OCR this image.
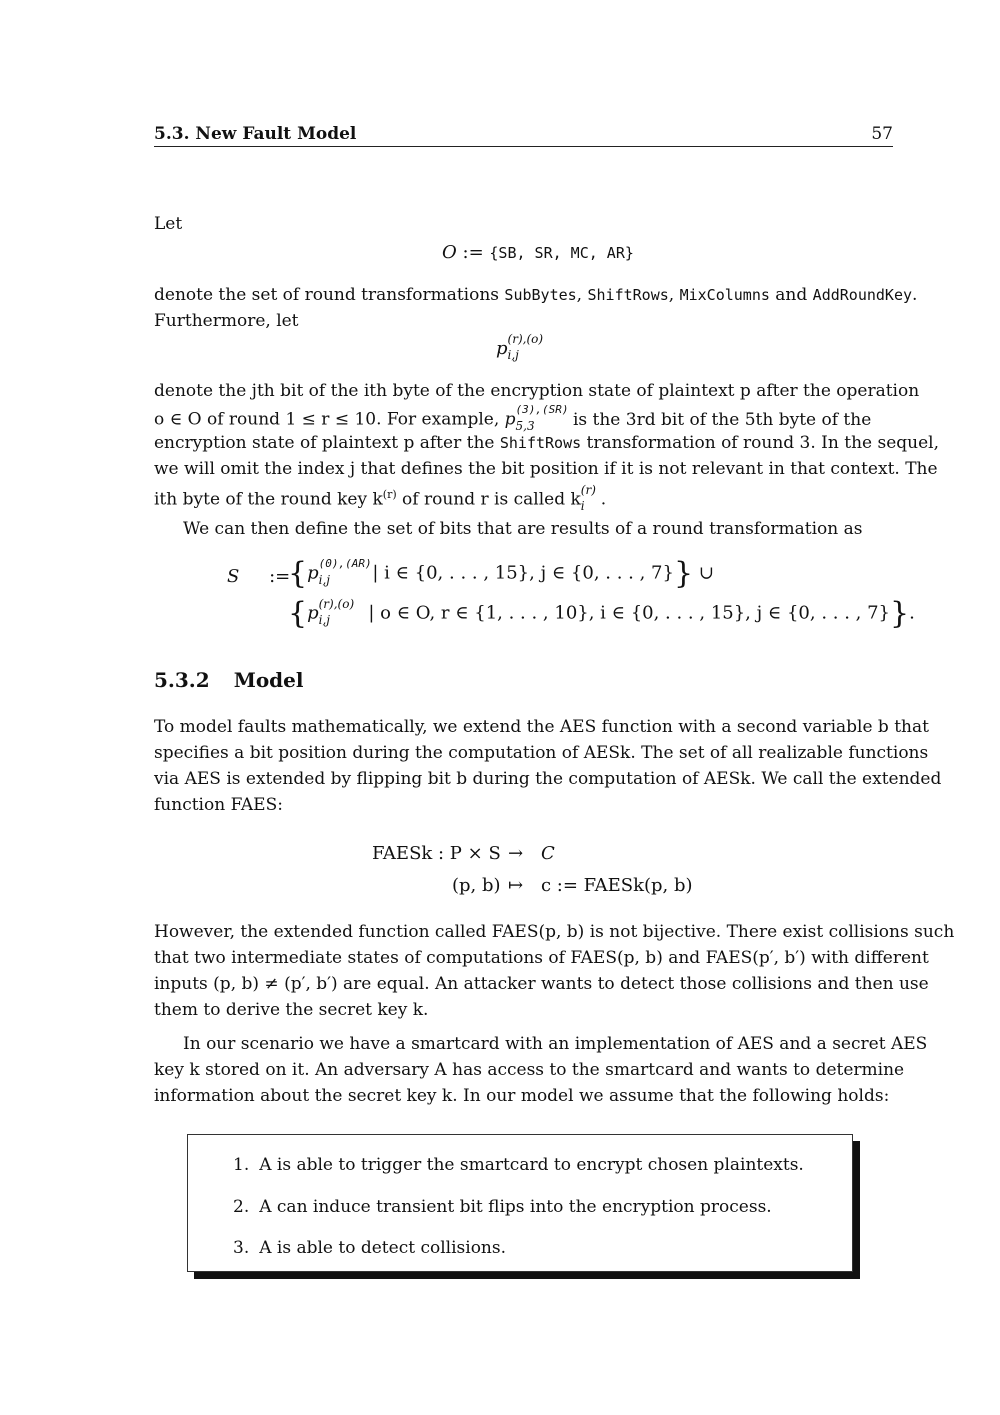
5.3. New Fault Model	57
Let
O := {SB, SR, MC, AR}
denote the set of round transformations SubBytes, ShiftRows, MixColumns and AddRoundKey.
Furthermore, let
p (r),(o)
i,j
denote the jth bit of the ith byte of the encryption state of plaintext p after the operation
o ∈ O of round 1 ≤ r ≤ 10. For example, p (3),(SR)
5,3 is the 3rd bit of the 5th byte of the
encryption state of plaintext p after the ShiftRows transformation of round 3. In the sequel,
we will omit the index j that defines the bit position if it is not relevant in that context. The
ith byte of the round key $k^{(r)}$ of round r is called k (r)
i .
We can then define the set of bits that are results of a round transformation as
S :=
{p (0),(AR)
i,j | i ∈ {0, . . . , 15}, j ∈ {0, . . . , 7}} ∪
{p (r),(o)
i,j | o ∈ O, r ∈ {1, . . . , 10}, i ∈ {0, . . . , 15}, j ∈ {0, . . . , 7}}.
5.3.2 Model
To model faults mathematically, we extend the AES function with a second variable b that
specifies a bit position during the computation of AESk. The set of all realizable functions
via AES is extended by flipping bit b during the computation of AESk. We call the extended
function FAES:
FAESk : P × S → C
(p, b) ↦ c := FAESk(p, b)
However, the extended function called FAES(p, b) is not bijective. There exist collisions such
that two intermediate states of computations of FAES(p, b) and FAES(p′, b′) with different
inputs (p, b) ≠ (p′, b′) are equal. An attacker wants to detect those collisions and then use
them to derive the secret key k.
In our scenario we have a smartcard with an implementation of AES and a secret AES
key k stored on it. An adversary A has access to the smartcard and wants to determine
information about the secret key k. In our model we assume that the following holds:
1. A is able to trigger the smartcard to encrypt chosen plaintexts.
2. A can induce transient bit flips into the encryption process.
3. A is able to detect collisions.
